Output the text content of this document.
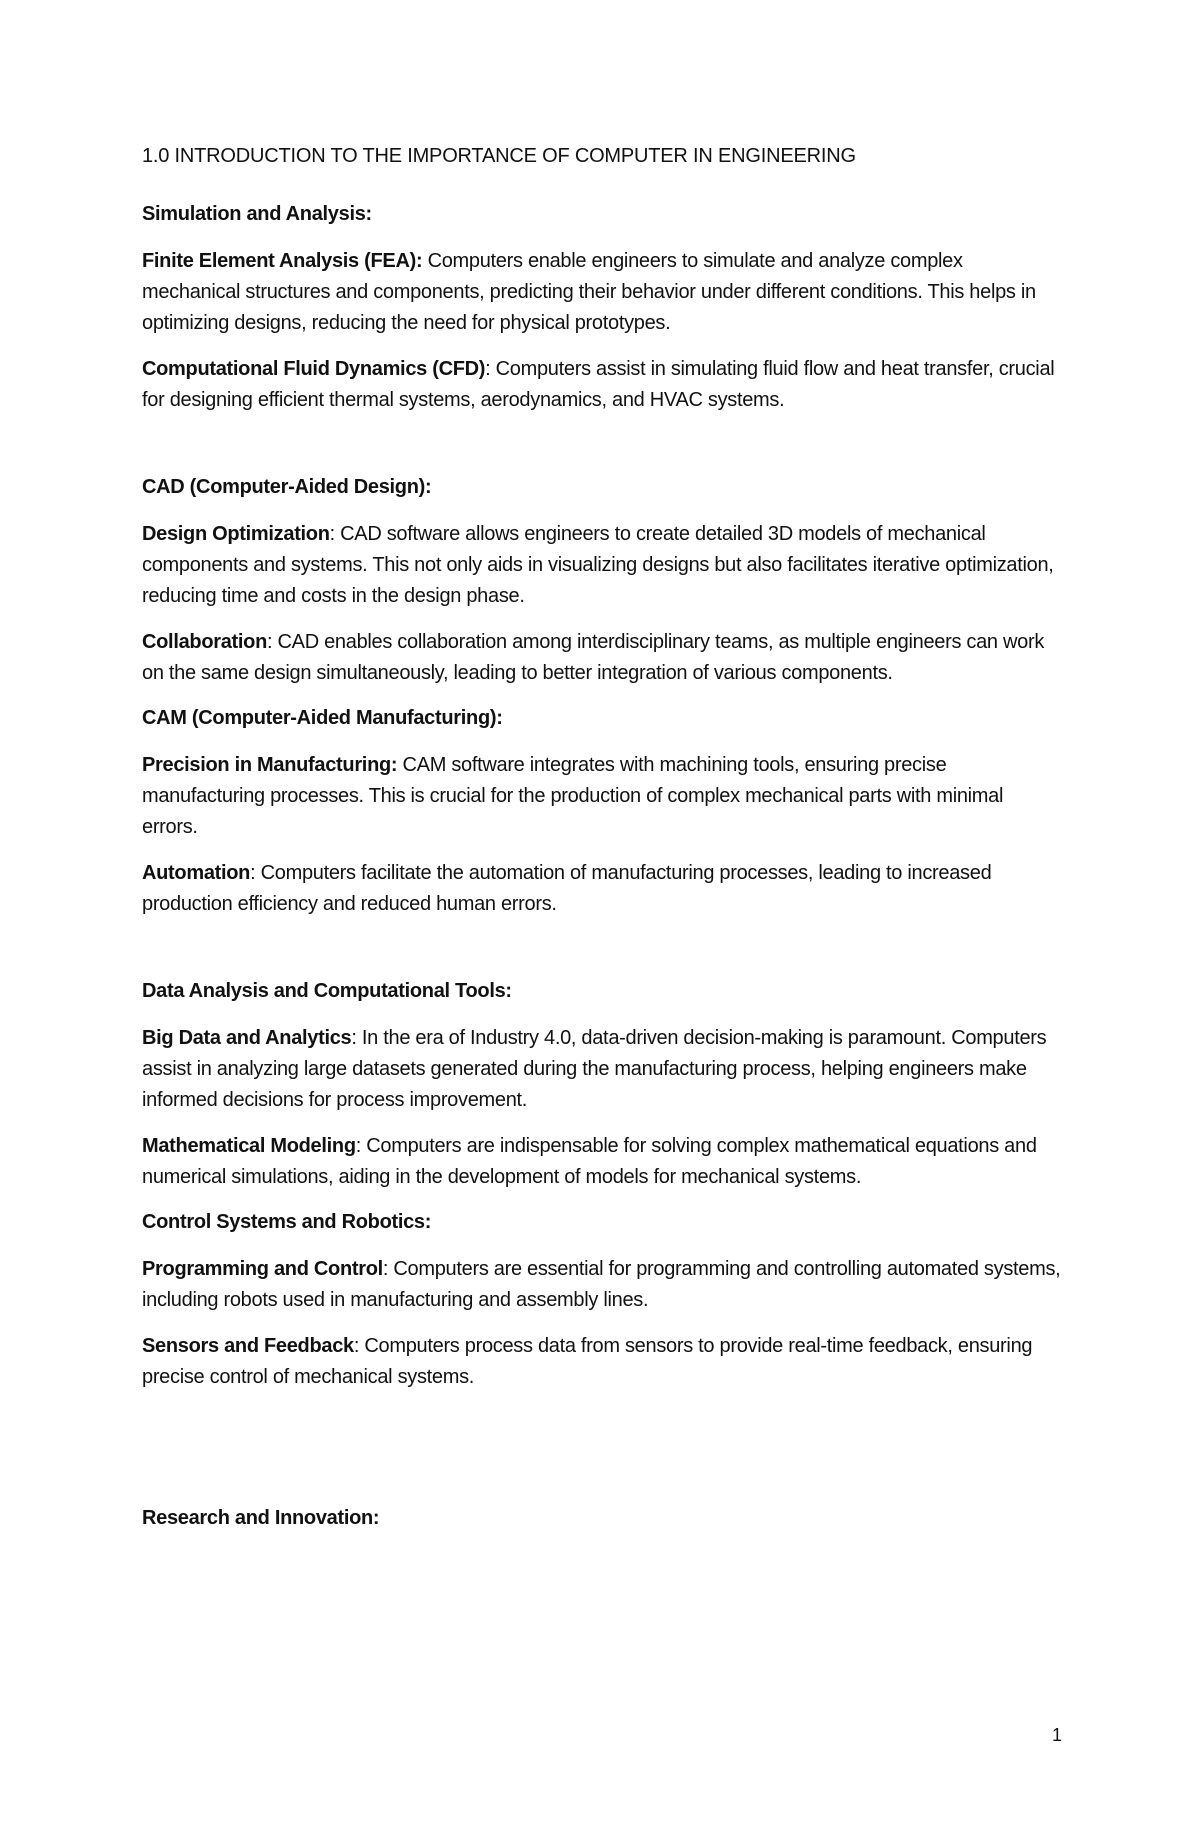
1.0 INTRODUCTION TO THE IMPORTANCE OF COMPUTER IN ENGINEERING
Simulation and Analysis:

Finite Element Analysis (FEA): Computers enable engineers to simulate and analyze complex mechanical structures and components, predicting their behavior under different conditions. This helps in optimizing designs, reducing the need for physical prototypes.

Computational Fluid Dynamics (CFD): Computers assist in simulating fluid flow and heat transfer, crucial for designing efficient thermal systems, aerodynamics, and HVAC systems.

CAD (Computer-Aided Design):

Design Optimization: CAD software allows engineers to create detailed 3D models of mechanical components and systems. This not only aids in visualizing designs but also facilitates iterative optimization, reducing time and costs in the design phase.

Collaboration: CAD enables collaboration among interdisciplinary teams, as multiple engineers can work on the same design simultaneously, leading to better integration of various components.

CAM (Computer-Aided Manufacturing):

Precision in Manufacturing: CAM software integrates with machining tools, ensuring precise manufacturing processes. This is crucial for the production of complex mechanical parts with minimal errors.

Automation: Computers facilitate the automation of manufacturing processes, leading to increased production efficiency and reduced human errors.

Data Analysis and Computational Tools:

Big Data and Analytics: In the era of Industry 4.0, data-driven decision-making is paramount. Computers assist in analyzing large datasets generated during the manufacturing process, helping engineers make informed decisions for process improvement.

Mathematical Modeling: Computers are indispensable for solving complex mathematical equations and numerical simulations, aiding in the development of models for mechanical systems.

Control Systems and Robotics:

Programming and Control: Computers are essential for programming and controlling automated systems, including robots used in manufacturing and assembly lines.

Sensors and Feedback: Computers process data from sensors to provide real-time feedback, ensuring precise control of mechanical systems.

Research and Innovation:
1
